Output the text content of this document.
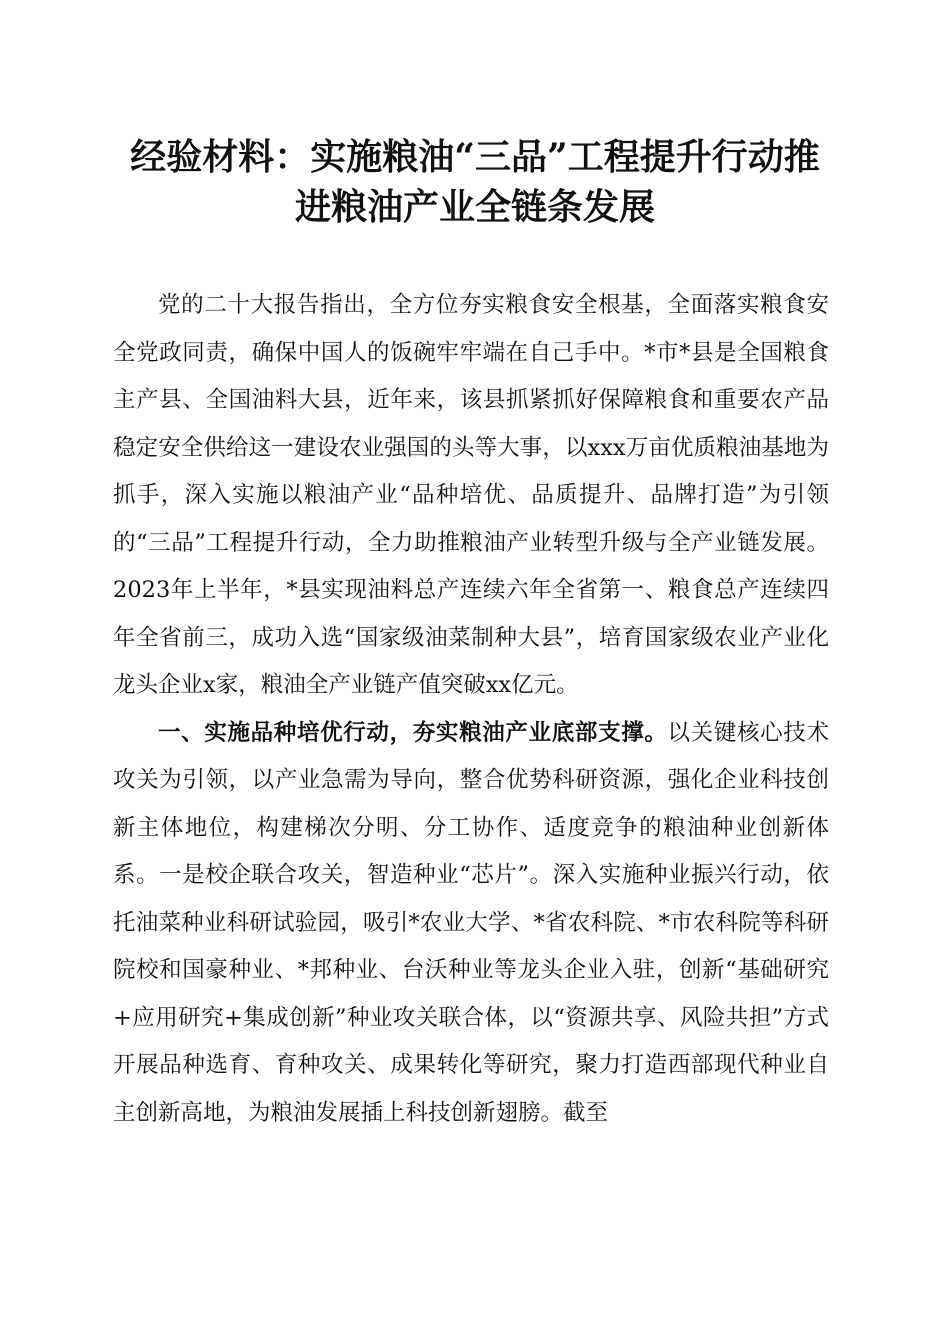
经验材料：实施粮油“三品”工程提升行动推
进粮油产业全链条发展

党的二十大报告指出，全方位夯实粮食安全根基，全面落实粮食安全党政同责，确保中国人的饭碗牢牢端在自己手中。*市*县是全国粮食主产县、全国油料大县，近年来，该县抓紧抓好保障粮食和重要农产品稳定安全供给这一建设农业强国的头等大事，以xxx万亩优质粮油基地为抓手，深入实施以粮油产业“品种培优、品质提升、品牌打造”为引领的“三品”工程提升行动，全力助推粮油产业转型升级与全产业链发展。2023年上半年，*县实现油料总产连续六年全省第一、粮食总产连续四年全省前三，成功入选“国家级油菜制种大县”，培育国家级农业产业化龙头企业x家，粮油全产业链产值突破xx亿元。

一、实施品种培优行动，夯实粮油产业底部支撑。以关键核心技术攻关为引领，以产业急需为导向，整合优势科研资源，强化企业科技创新主体地位，构建梯次分明、分工协作、适度竞争的粮油种业创新体系。一是校企联合攻关，智造种业“芯片”。深入实施种业振兴行动，依托油菜种业科研试验园，吸引*农业大学、*省农科院、*市农科院等科研院校和国豪种业、*邦种业、台沃种业等龙头企业入驻，创新“基础研究+应用研究+集成创新”种业攻关联合体，以“资源共享、风险共担”方式开展品种选育、育种攻关、成果转化等研究，聚力打造西部现代种业自主创新高地，为粮油发展插上科技创新翅膀。截至
